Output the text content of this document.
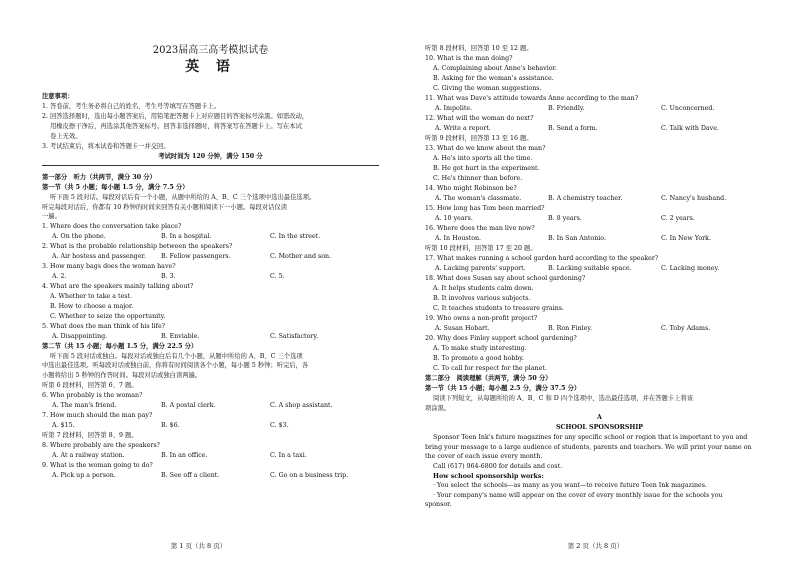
2023届高三高考模拟试卷
英 语
注意事项：
1. 答卷前，考生务必将自己的姓名、考生号等填写在答题卡上。
2. 回答选择题时，选出每小题答案后，用铅笔把答题卡上对应题目的答案标号涂黑。如需改动，
用橡皮擦干净后，再选涂其他答案标号。回答非选择题时，将答案写在答题卡上。写在本试
卷上无效。
3. 考试结束后，将本试卷和答题卡一并交回。
考试时间为 120 分钟，满分 150 分
第一部分　听力（共两节，满分 30 分）
第一节（共 5 小题；每小题 1.5 分，满分 7.5 分）
听下面 5 段对话。每段对话后有一个小题，从题中所给的 A、B、C 三个选项中选出最佳选项。
听完每段对话后，你都有 10 秒钟的时间来回答有关小题和阅读下一小题。每段对话仅读
一遍。
1. Where does the conversation take place?
A. On the phone.	B. In a hospital.	C. In the street.
2. What is the probable relationship between the speakers?
A. Air hostess and passenger.	B. Fellow passengers.	C. Mother and son.
3. How many bags does the woman have?
A. 2.	B. 3.	C. 5.
4. What are the speakers mainly talking about?
A. Whether to take a test.
B. How to choose a major.
C. Whether to seize the opportunity.
5. What does the man think of his life?
A. Disappointing.	B. Enviable.	C. Satisfactory.
第二节（共 15 小题；每小题 1.5 分，满分 22.5 分）
听下面 5 段对话或独白。每段对话或独白后有几个小题，从题中所给的 A、B、C 三个选项
中选出最佳选项。听每段对话或独白前，你将有时间阅读各个小题，每小题 5 秒钟；听完后，各
小题将给出 5 秒钟的作答时间。每段对话或独白读两遍。
听第 6 段材料，回答第 6、7 题。
6. Who probably is the woman?
A. The man's friend.	B. A postal clerk.	C. A shop assistant.
7. How much should the man pay?
A. $15.	B. $6.	C. $3.
听第 7 段材料，回答第 8、9 题。
8. Where probably are the speakers?
A. At a railway station.	B. In an office.	C. In a taxi.
9. What is the woman going to do?
A. Pick up a person.	B. See off a client.	C. Go on a business trip.
第 1 页（共 8 页）
听第 8 段材料，回答第 10 至 12 题。
10. What is the man doing?
A. Complaining about Anne's behavior.
B. Asking for the woman's assistance.
C. Giving the woman suggestions.
11. What was Dave's attitude towards Anne according to the man?
A. Impolite.	B. Friendly.	C. Unconcerned.
12. What will the woman do next?
A. Write a report.	B. Send a form.	C. Talk with Dave.
听第 9 段材料，回答第 13 至 16 题。
13. What do we know about the man?
A. He's into sports all the time.
B. He got hurt in the experiment.
C. He's thinner than before.
14. Who might Robinson be?
A. The woman's classmate.	B. A chemistry teacher.	C. Nancy's husband.
15. How long has Tom been married?
A. 10 years.	B. 8 years.	C. 2 years.
16. Where does the man live now?
A. In Houston.	B. In San Antonio.	C. In New York.
听第 10 段材料，回答第 17 至 20 题。
17. What makes running a school garden hard according to the speaker?
A. Lacking parents' support.	B. Lacking suitable space.	C. Lacking money.
18. What does Susan say about school gardening?
A. It helps students calm down.
B. It involves various subjects.
C. It teaches students to treasure grains.
19. Who owns a non-profit project?
A. Susan Hobart.	B. Ron Finley.	C. Toby Adams.
20. Why does Finley support school gardening?
A. To make study interesting.
B. To promote a good hobby.
C. To call for respect for the planet.
第二部分　阅读理解（共两节，满分 50 分）
第一节（共 15 小题；每小题 2.5 分，满分 37.5 分）
阅读下列短文，从每题所给的 A、B、C 和 D 四个选项中，选出最佳选项，并在答题卡上将该
项涂黑。
A
SCHOOL SPONSORSHIP
Sponsor Teen Ink's future magazines for any specific school or region that is important to you and
bring your message to a large audience of students, parents and teachers. We will print your name on
the cover of each issue every month.
Call (617) 964-6800 for details and cost.
How school sponsorship works:
· You select the schools—as many as you want—to receive future Teen Ink magazines.
· Your company's name will appear on the cover of every monthly issue for the schools you
sponsor.
第 2 页（共 8 页）
